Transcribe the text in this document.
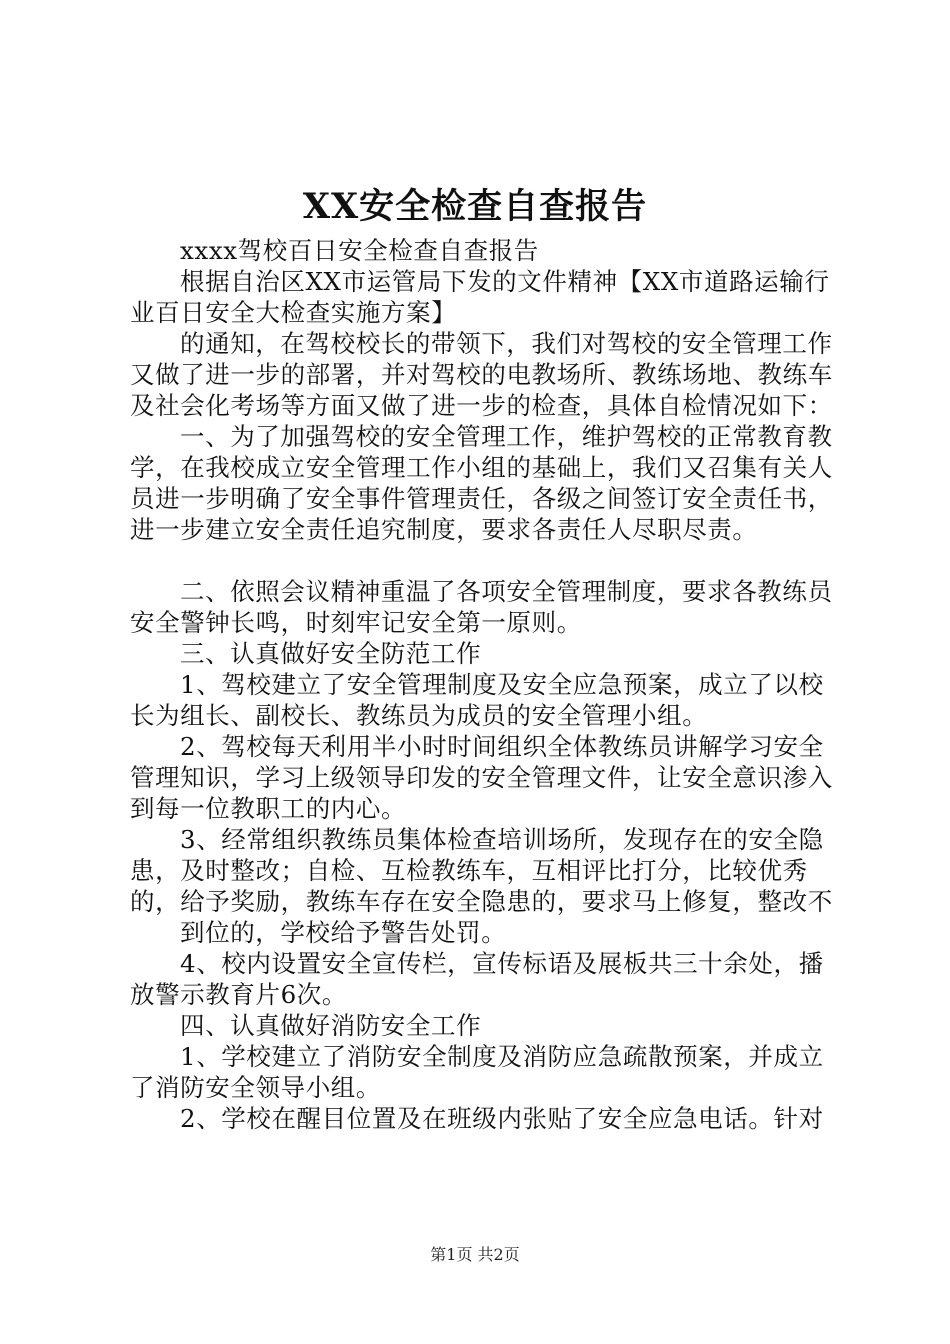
XX安全检查自查报告

xxxx驾校百日安全检查自查报告

根据自治区XX市运管局下发的文件精神【XX市道路运输行业百日安全大检查实施方案】

的通知，在驾校校长的带领下，我们对驾校的安全管理工作又做了进一步的部署，并对驾校的电教场所、教练场地、教练车及社会化考场等方面又做了进一步的检查，具体自检情况如下：

一、为了加强驾校的安全管理工作，维护驾校的正常教育教学，在我校成立安全管理工作小组的基础上，我们又召集有关人员进一步明确了安全事件管理责任，各级之间签订安全责任书，进一步建立安全责任追究制度，要求各责任人尽职尽责。

二、依照会议精神重温了各项安全管理制度，要求各教练员安全警钟长鸣，时刻牢记安全第一原则。

三、认真做好安全防范工作

1、驾校建立了安全管理制度及安全应急预案，成立了以校长为组长、副校长、教练员为成员的安全管理小组。

2、驾校每天利用半小时时间组织全体教练员讲解学习安全管理知识，学习上级领导印发的安全管理文件，让安全意识渗入到每一位教职工的内心。

3、经常组织教练员集体检查培训场所，发现存在的安全隐患，及时整改；自检、互检教练车，互相评比打分，比较优秀的，给予奖励，教练车存在安全隐患的，要求马上修复，整改不

到位的，学校给予警告处罚。

4、校内设置安全宣传栏，宣传标语及展板共三十余处，播放警示教育片6次。

四、认真做好消防安全工作

1、学校建立了消防安全制度及消防应急疏散预案，并成立了消防安全领导小组。

2、学校在醒目位置及在班级内张贴了安全应急电话。针对

第1页 共2页
